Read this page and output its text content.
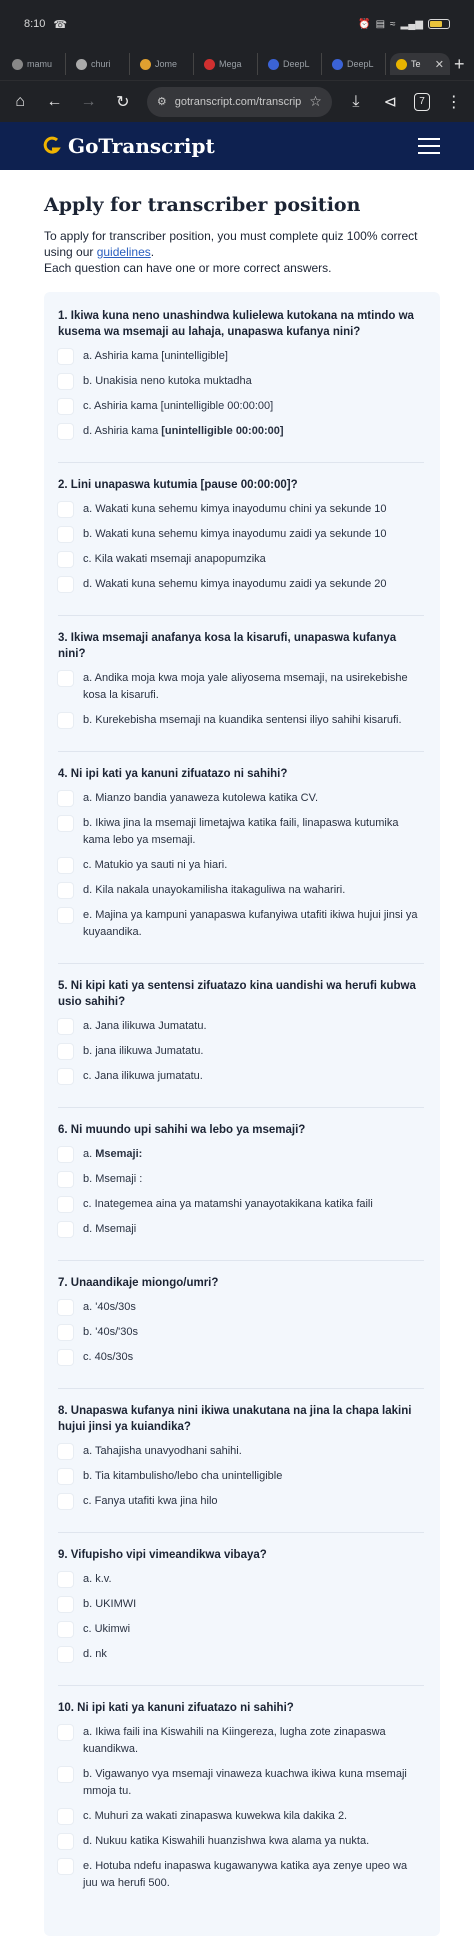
8:10 ☎	⏰ ▤ ≈ ▂▄▆
mamu	churi	Jome	Mega	DeepL	DeepL	Te ✕ +
⌂	← → ↻	⚙ gotranscript.com/transcrip ☆	⤓	⊲	7	⋮
GoTranscript
Apply for transcriber position

To apply for transcriber position, you must complete quiz 100% correct using our guidelines.
Each question can have one or more correct answers.

1. Ikiwa kuna neno unashindwa kulielewa kutokana na mtindo wa kusema wa msemaji au lahaja, unapaswa kufanya nini?
a. Ashiria kama [unintelligible]
b. Unakisia neno kutoka muktadha
c. Ashiria kama [unintelligible 00:00:00]
d. Ashiria kama [unintelligible 00:00:00]
2. Lini unapaswa kutumia [pause 00:00:00]?
a. Wakati kuna sehemu kimya inayodumu chini ya sekunde 10
b. Wakati kuna sehemu kimya inayodumu zaidi ya sekunde 10
c. Kila wakati msemaji anapopumzika
d. Wakati kuna sehemu kimya inayodumu zaidi ya sekunde 20
3. Ikiwa msemaji anafanya kosa la kisarufi, unapaswa kufanya nini?
a. Andika moja kwa moja yale aliyosema msemaji, na usirekebishe kosa la kisarufi.
b. Kurekebisha msemaji na kuandika sentensi iliyo sahihi kisarufi.
4. Ni ipi kati ya kanuni zifuatazo ni sahihi?
a. Mianzo bandia yanaweza kutolewa katika CV.
b. Ikiwa jina la msemaji limetajwa katika faili, linapaswa kutumika kama lebo ya msemaji.
c. Matukio ya sauti ni ya hiari.
d. Kila nakala unayokamilisha itakaguliwa na wahariri.
e. Majina ya kampuni yanapaswa kufanyiwa utafiti ikiwa hujui jinsi ya kuyaandika.
5. Ni kipi kati ya sentensi zifuatazo kina uandishi wa herufi kubwa usio sahihi?
a. Jana ilikuwa Jumatatu.
b. jana ilikuwa Jumatatu.
c. Jana ilikuwa jumatatu.
6. Ni muundo upi sahihi wa lebo ya msemaji?
a. Msemaji:
b. Msemaji :
c. Inategemea aina ya matamshi yanayotakikana katika faili
d. Msemaji
7. Unaandikaje miongo/umri?
a. '40s/30s
b. '40s/'30s
c. 40s/30s
8. Unapaswa kufanya nini ikiwa unakutana na jina la chapa lakini hujui jinsi ya kuiandika?
a. Tahajisha unavyodhani sahihi.
b. Tia kitambulisho/lebo cha unintelligible
c. Fanya utafiti kwa jina hilo
9. Vifupisho vipi vimeandikwa vibaya?
a. k.v.
b. UKIMWI
c. Ukimwi
d. nk
10. Ni ipi kati ya kanuni zifuatazo ni sahihi?
a. Ikiwa faili ina Kiswahili na Kiingereza, lugha zote zinapaswa kuandikwa.
b. Vigawanyo vya msemaji vinaweza kuachwa ikiwa kuna msemaji mmoja tu.
c. Muhuri za wakati zinapaswa kuwekwa kila dakika 2.
d. Nukuu katika Kiswahili huanzishwa kwa alama ya nukta.
e. Hotuba ndefu inapaswa kugawanywa katika aya zenye upeo wa juu wa herufi 500.
